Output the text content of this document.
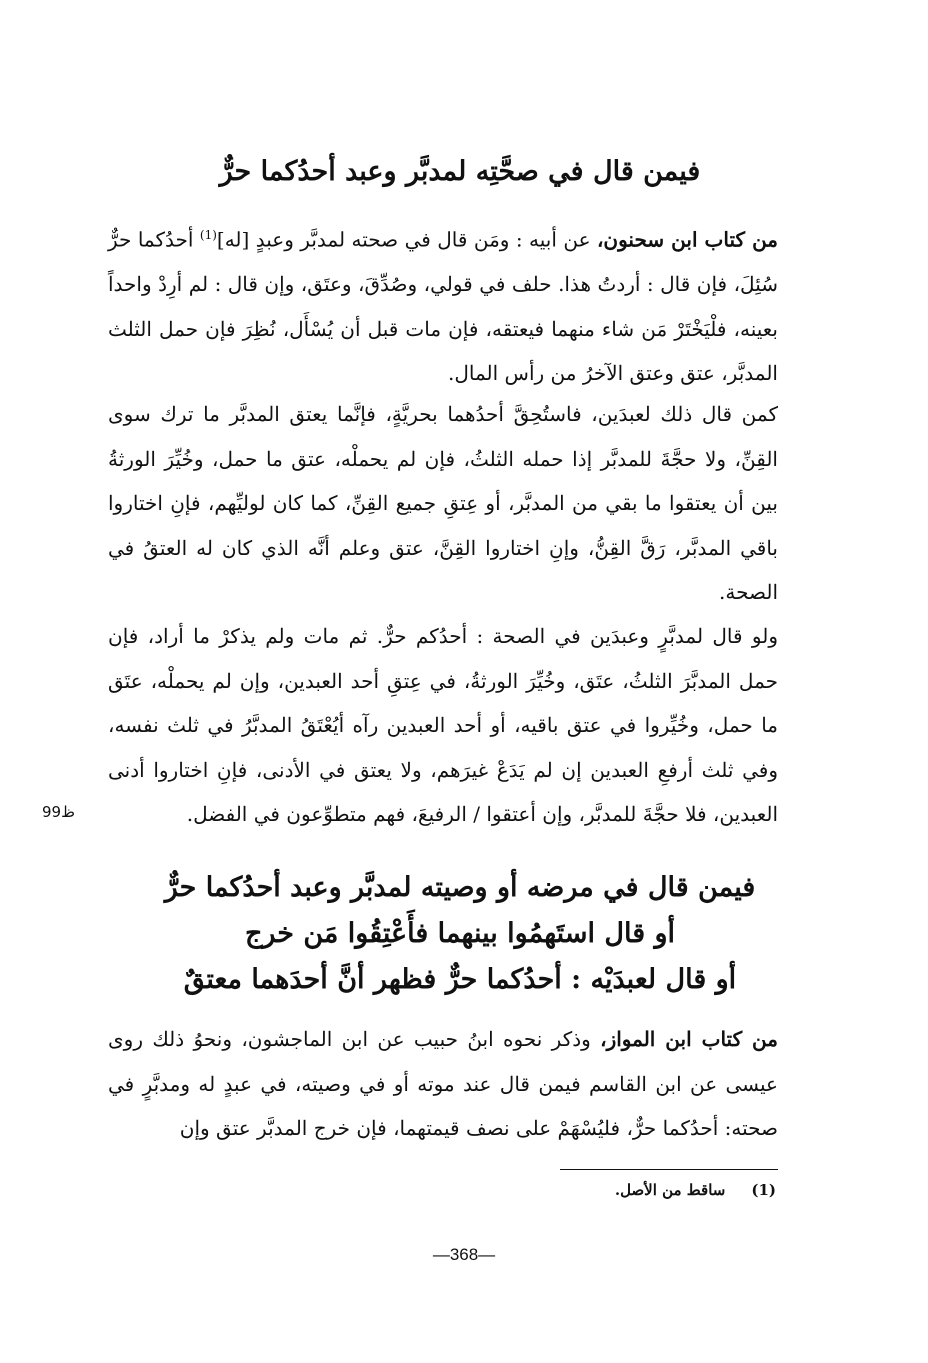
فيمن قال في صحَّتِه لمدبَّر وعبد أحدُكما حرٌّ

من كتاب ابن سحنون، عن أبيه : ومَن قال في صحته لمدبَّر وعبدٍ [له]$^{(1)}$ أحدُكما حرٌّ سُئِلَ، فإن قال : أردتُ هذا. حلف في قولي، وصُدِّقَ، وعتَق، وإن قال : لم أرِدْ واحداً بعينه، فلْيَخْتَرْ مَن شاء منهما فيعتقه، فإن مات قبل أن يُسْأَل، نُظِرَ فإن حمل الثلث المدبَّر، عتق وعتق الآخرُ من رأس المال.

كمن قال ذلك لعبدَين، فاستُحِقَّ أحدُهما بحريَّةٍ، فإنَّما يعتق المدبَّر ما ترك سوى القِنِّ، ولا حجَّةَ للمدبَّر إذا حمله الثلثُ، فإن لم يحملْه، عتق ما حمل، وخُيِّرَ الورثةُ بين أن يعتقوا ما بقي من المدبَّر، أو عِتقِ جميع القِنِّ، كما كان لوليِّهم، فإنِ اختاروا باقي المدبَّر، رَقَّ القِنُّ، وإنِ اختاروا القِنَّ، عتق وعلم أنَّه الذي كان له العتقُ في الصحة.

ولو قال لمدبَّرٍ وعبدَين في الصحة : أحدُكم حرٌّ. ثم مات ولم يذكرْ ما أراد، فإن حمل المدبَّرَ الثلثُ، عتَق، وخُيِّرَ الورثةُ، في عِتقِ أحد العبدين، وإن لم يحملْه، عتَق ما حمل، وخُيِّروا في عتق باقيه، أو أحد العبدين رآه أيُعْتَقُ المدبَّرُ في ثلث نفسه، وفي ثلث أرفعِ العبدين إن لم يَدَعْ غيرَهم، ولا يعتق في الأدنى، فإنِ اختاروا أدنى العبدين، فلا حجَّةَ للمدبَّر، وإن أعتقوا / الرفيعَ، فهم متطوِّعون في الفضل.

ظ99
فيمن قال في مرضه أو وصيته لمدبَّر وعبد أحدُكما حرٌّ
أو قال استَهمُوا بينهما فأَعْتِقُوا مَن خرج
أو قال لعبدَيْه : أحدُكما حرٌّ فظهر أنَّ أحدَهما معتقٌ

من كتاب ابن المواز، وذكر نحوه ابنُ حبيب عن ابن الماجشون، ونحوُ ذلك روى عيسى عن ابن القاسم فيمن قال عند موته أو في وصيته، في عبدٍ له ومدبَّرٍ في صحته: أحدُكما حرٌّ، فليُسْهَمْ على نصف قيمتهما، فإن خرج المدبَّر عتق وإن

(1)ساقط من الأصل.
—368—
